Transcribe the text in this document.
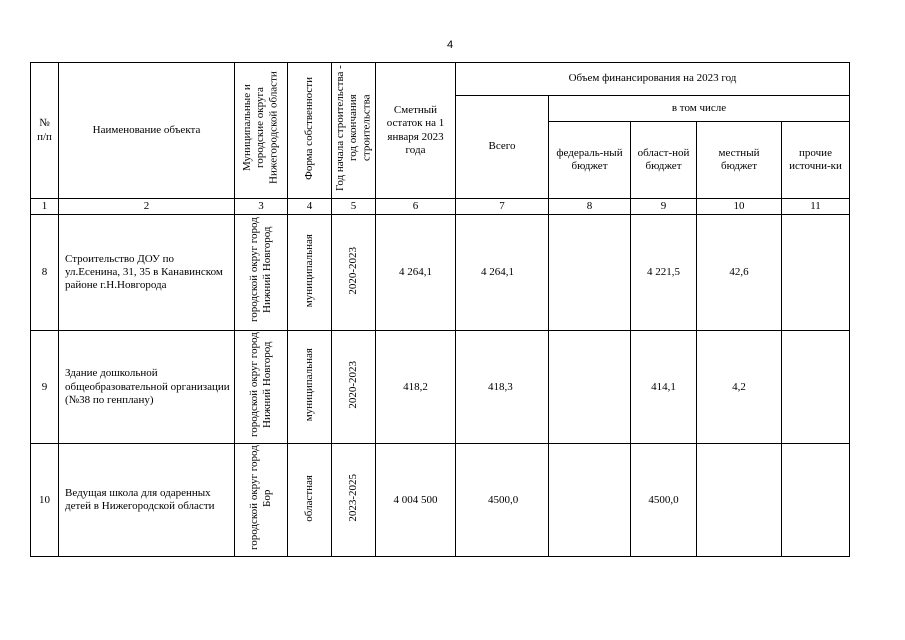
4
№ п/п	Наименование объекта	Муниципальные и городские округа Нижегородской области	Форма собственности	Год начала строительства - год окончания строительства	Сметный остаток на 1 января 2023 года	Объем финансирования на 2023 год				

						Всего	в том числе			

							федераль-ный бюджет	област-ной бюджет	местный бюджет	прочие источни-ки

1	2	3	4	5	6	7	8	9	10	11
8	Строительство ДОУ по ул.Есенина, 31, 35 в Канавинском районе г.Н.Новгорода	городской округ город Нижний Новгород	муниципальная	2020-2023	4 264,1	4 264,1		4 221,5	42,6	
9	Здание дошкольной общеобразовательной организации (№38 по генплану)	городской округ город Нижний Новгород	муниципальная	2020-2023	418,2	418,3		414,1	4,2	
10	Ведущая школа для одаренных детей в Нижегородской области	городской округ город Бор	областная	2023-2025	4 004 500	4500,0		4500,0		
